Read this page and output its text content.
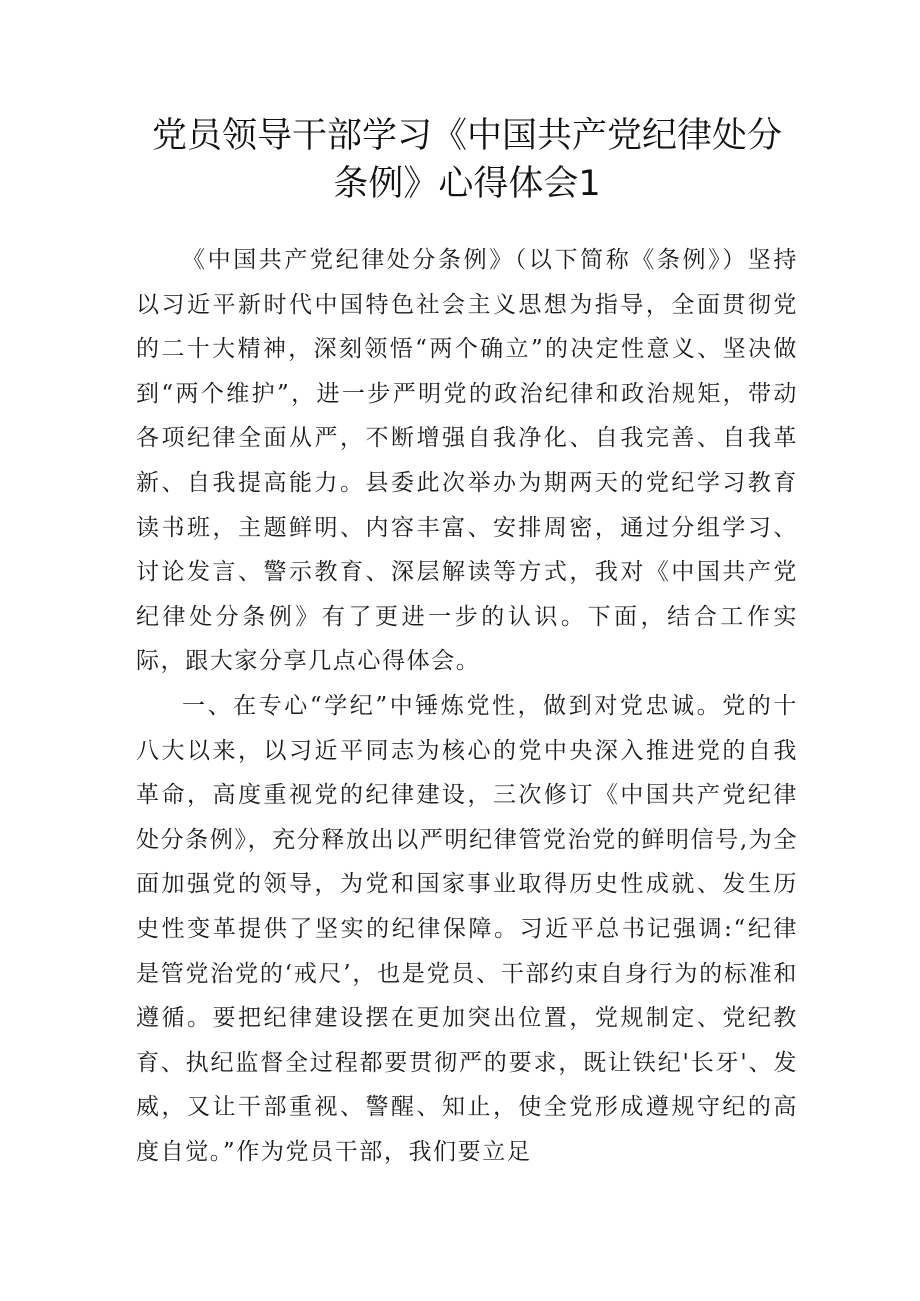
党员领导干部学习《中国共产党纪律处分条例》心得体会1

《中国共产党纪律处分条例》（以下简称《条例》）坚持以习近平新时代中国特色社会主义思想为指导，全面贯彻党的二十大精神，深刻领悟“两个确立”的决定性意义、坚决做到“两个维护”，进一步严明党的政治纪律和政治规矩，带动各项纪律全面从严，不断增强自我净化、自我完善、自我革新、自我提高能力。县委此次举办为期两天的党纪学习教育读书班，主题鲜明、内容丰富、安排周密，通过分组学习、讨论发言、警示教育、深层解读等方式，我对《中国共产党纪律处分条例》有了更进一步的认识。下面，结合工作实际，跟大家分享几点心得体会。

一、在专心“学纪”中锤炼党性，做到对党忠诚。党的十八大以来，以习近平同志为核心的党中央深入推进党的自我革命，高度重视党的纪律建设，三次修订《中国共产党纪律处分条例》，充分释放出以严明纪律管党治党的鲜明信号,为全面加强党的领导，为党和国家事业取得历史性成就、发生历史性变革提供了坚实的纪律保障。习近平总书记强调:“纪律是管党治党的‘戒尺’，也是党员、干部约束自身行为的标准和遵循。要把纪律建设摆在更加突出位置，党规制定、党纪教育、执纪监督全过程都要贯彻严的要求，既让铁纪'长牙'、发威，又让干部重视、警醒、知止，使全党形成遵规守纪的高度自觉。”作为党员干部，我们要立足
